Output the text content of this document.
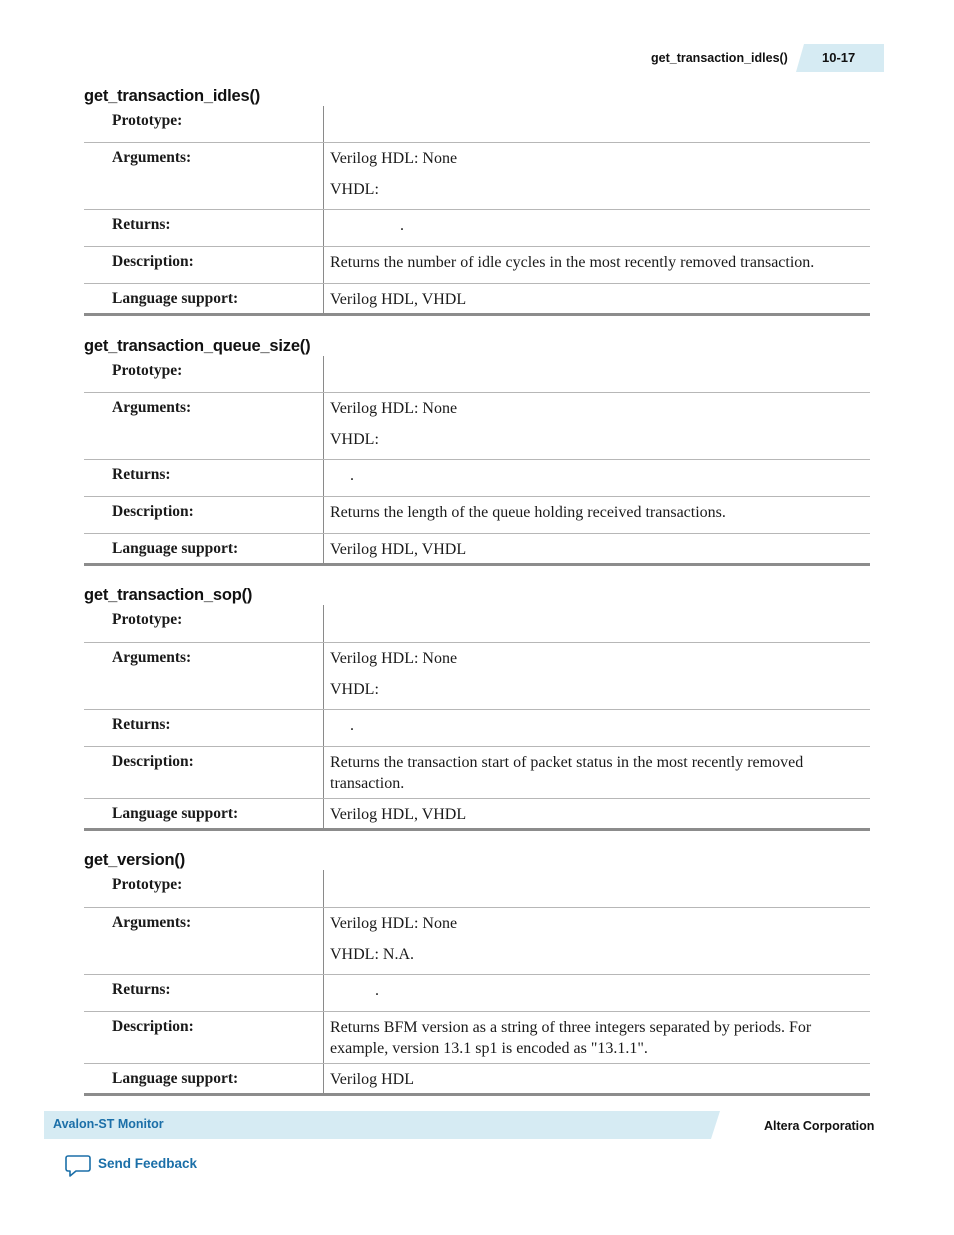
get_transaction_idles()	10-17
get_transaction_idles()
Prototype:
Arguments:	Verilog HDL: None
VHDL:
Returns:	.
Description:	Returns the number of idle cycles in the most recently removed transaction.
Language support:	Verilog HDL, VHDL
get_transaction_queue_size()
Prototype:
Arguments:	Verilog HDL: None
VHDL:
Returns:	.
Description:	Returns the length of the queue holding received transactions.
Language support:	Verilog HDL, VHDL
get_transaction_sop()
Prototype:
Arguments:	Verilog HDL: None
VHDL:
Returns:	.
Description:	Returns the transaction start of packet status in the most recently removed transaction.
Language support:	Verilog HDL, VHDL
get_version()
Prototype:
Arguments:	Verilog HDL: None
VHDL: N.A.
Returns:	.
Description:	Returns BFM version as a string of three integers separated by periods. For example, version 13.1 sp1 is encoded as "13.1.1".
Language support:	Verilog HDL
Avalon-ST Monitor	Altera Corporation
Send Feedback
